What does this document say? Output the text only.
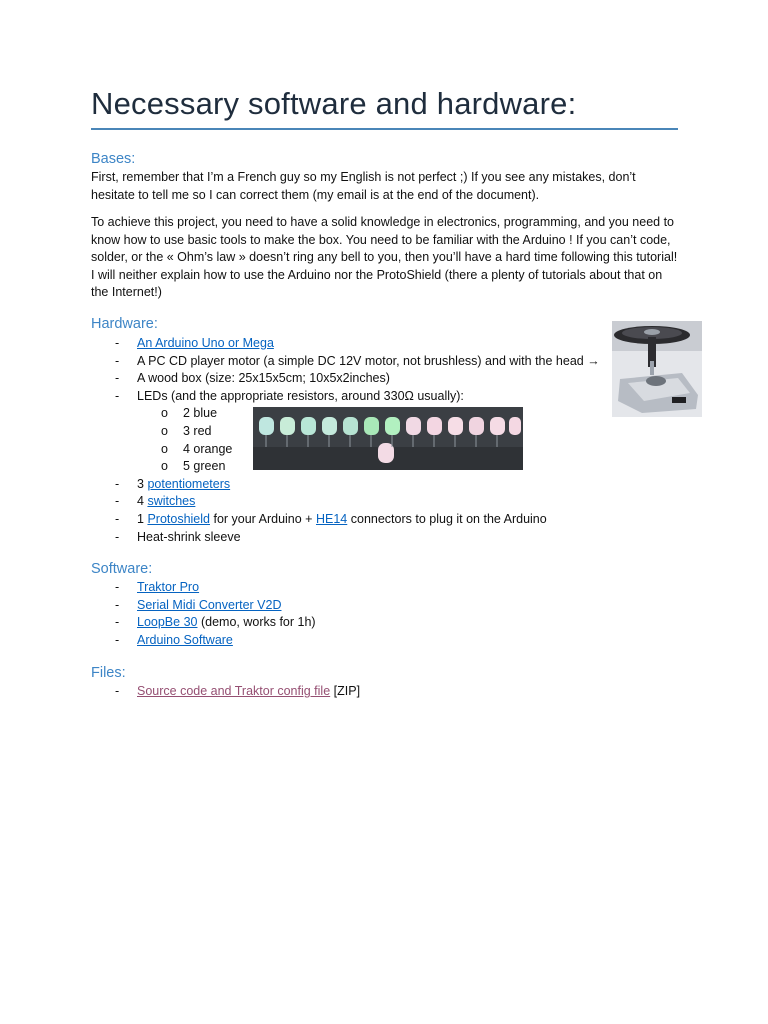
Necessary software and hardware:
Bases:
First, remember that I’m a French guy so my English is not perfect ;) If you see any mistakes, don’t hesitate to tell me so I can correct them (my email is at the end of the document).
To achieve this project, you need to have a solid knowledge in electronics, programming, and you need to know how to use basic tools to make the box. You need to be familiar with the Arduino ! If you can’t code, solder, or the « Ohm’s law » doesn’t ring any bell to you, then you’ll have a hard time following this tutorial! I will neither explain how to use the Arduino nor the ProtoShield (there a plenty of tutorials about that on the Internet!)
Hardware:
- An Arduino Uno or Mega
- A PC CD player motor (a simple DC 12V motor, not brushless) and with the head →
- A wood box (size: 25x15x5cm; 10x5x2inches)
- LEDs (and the appropriate resistors, around 330Ω usually):
o 2 blue
o 3 red
o 4 orange
o 5 green
- 3 potentiometers
- 4 switches
- 1 Protoshield for your Arduino + HE14 connectors to plug it on the Arduino
- Heat-shrink sleeve
Software:
- Traktor Pro
- Serial Midi Converter V2D
- LoopBe 30 (demo, works for 1h)
- Arduino Software
Files:
- Source code and Traktor config file [ZIP]
